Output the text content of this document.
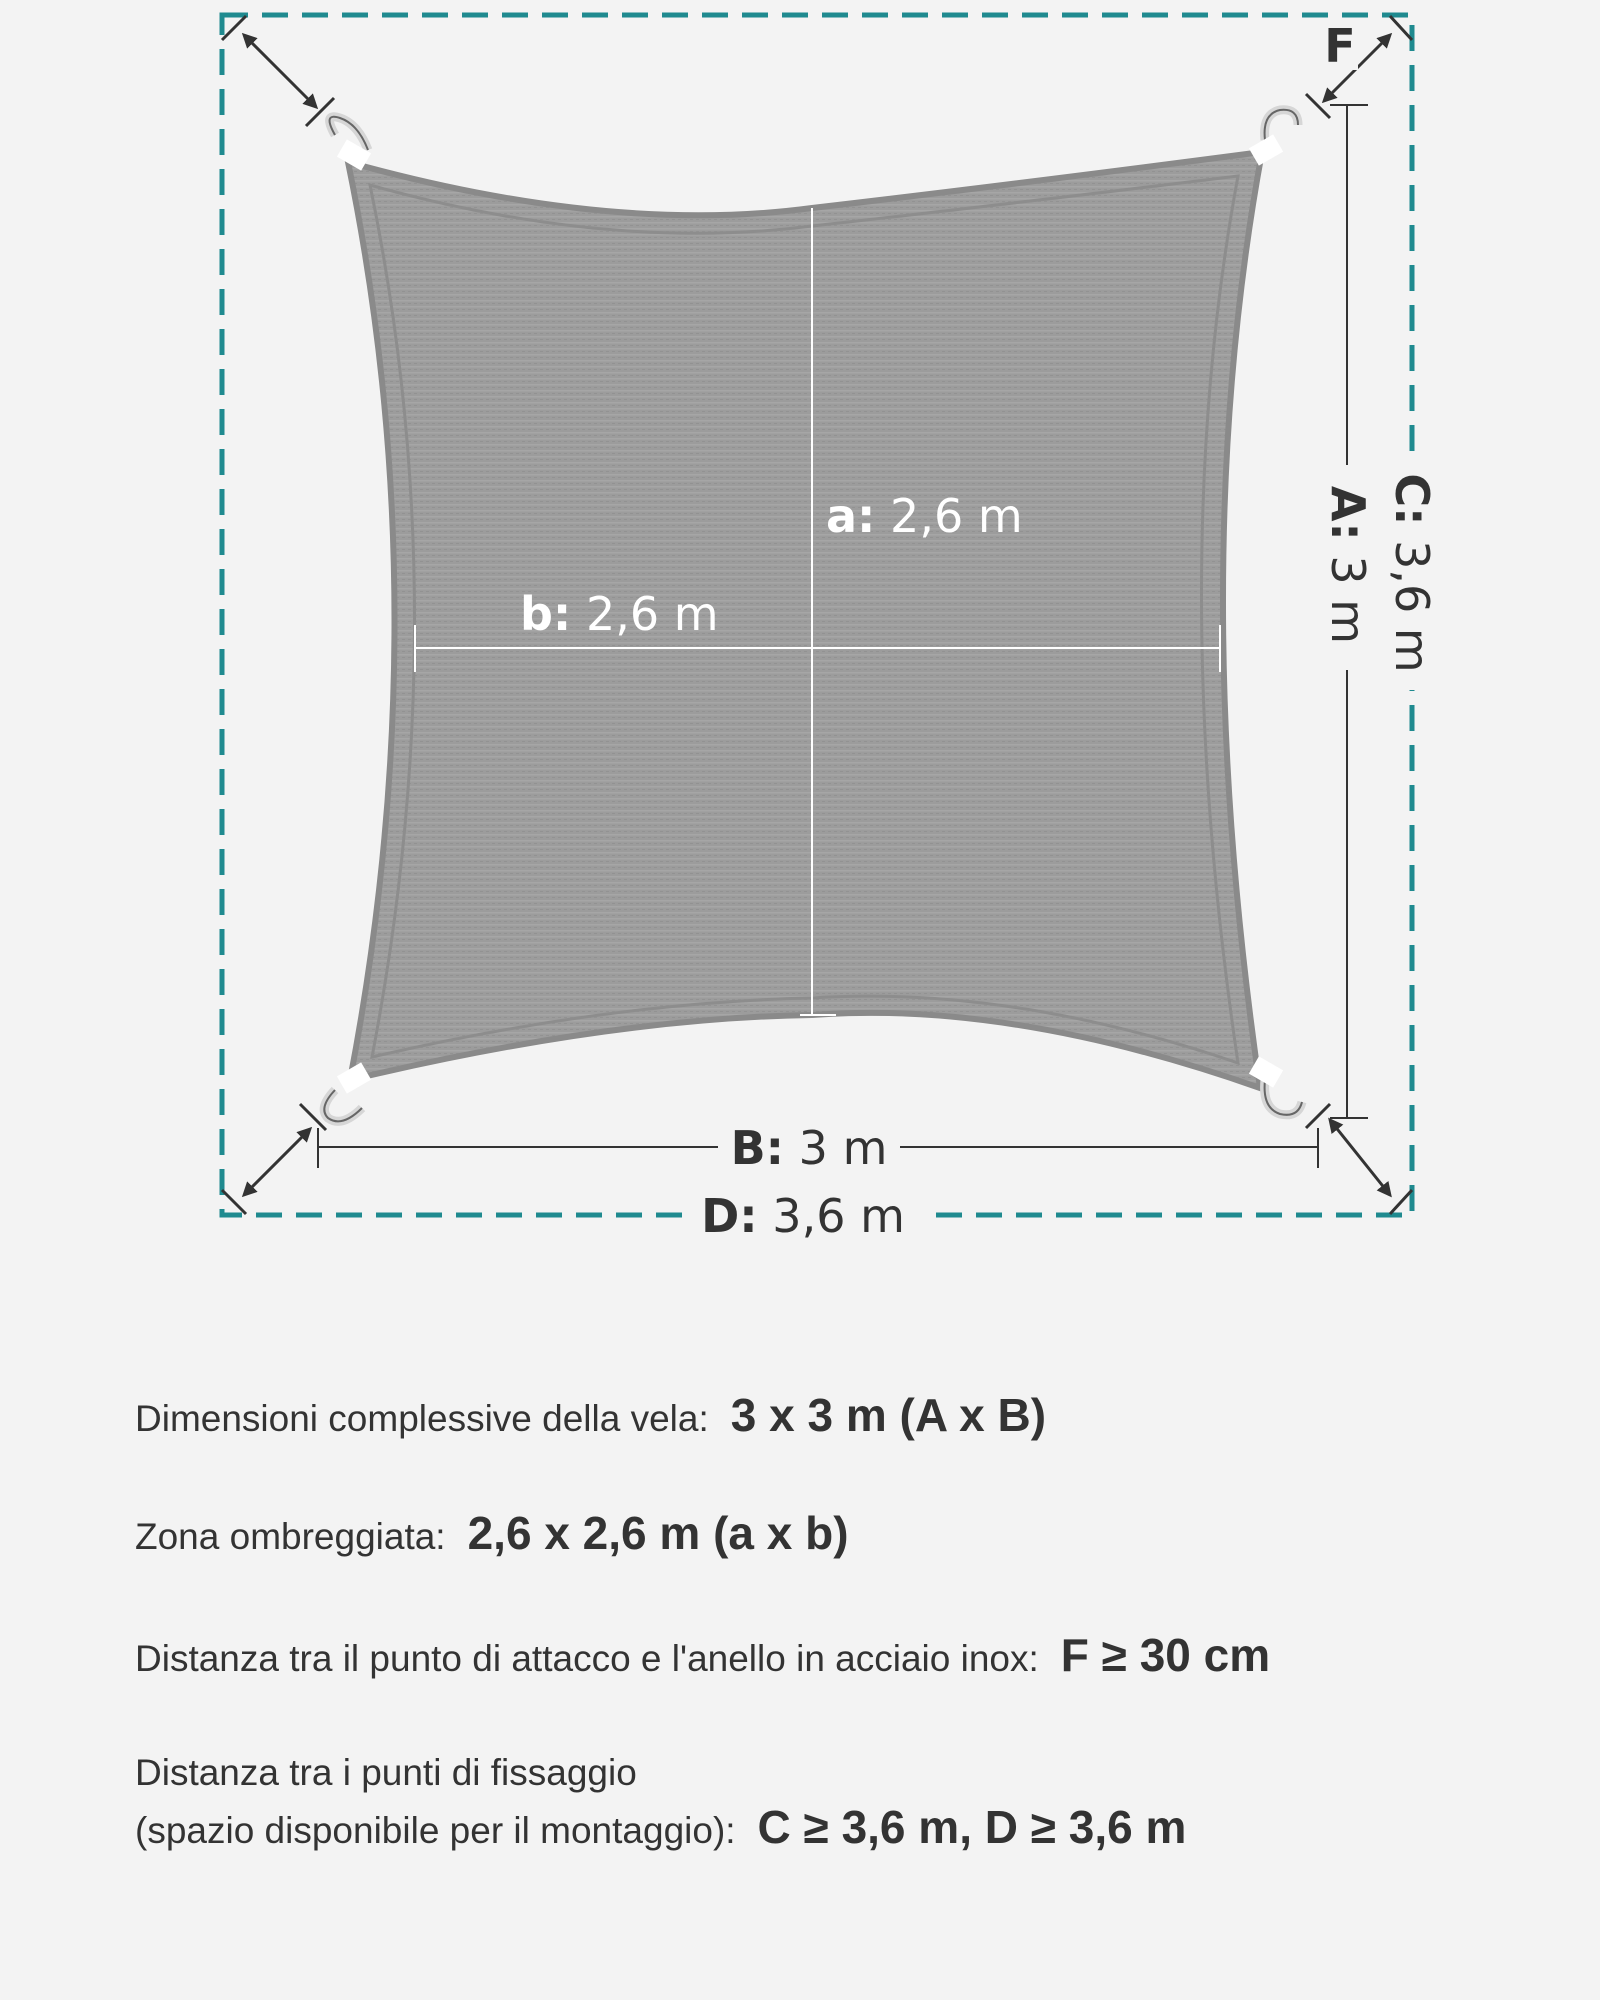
a: 2,6 m
b: 2,6 m
B: 3 m
D: 3,6 m
A: 3 m
C: 3,6 m
F
Dimensioni complessive della vela: 3 x 3 m (A x B)
Zona ombreggiata: 2,6 x 2,6 m (a x b)
Distanza tra il punto di attacco e l'anello in acciaio inox: F ≥ 30 cm
Distanza tra i punti di fissaggio
(spazio disponibile per il montaggio): C ≥ 3,6 m, D ≥ 3,6 m
